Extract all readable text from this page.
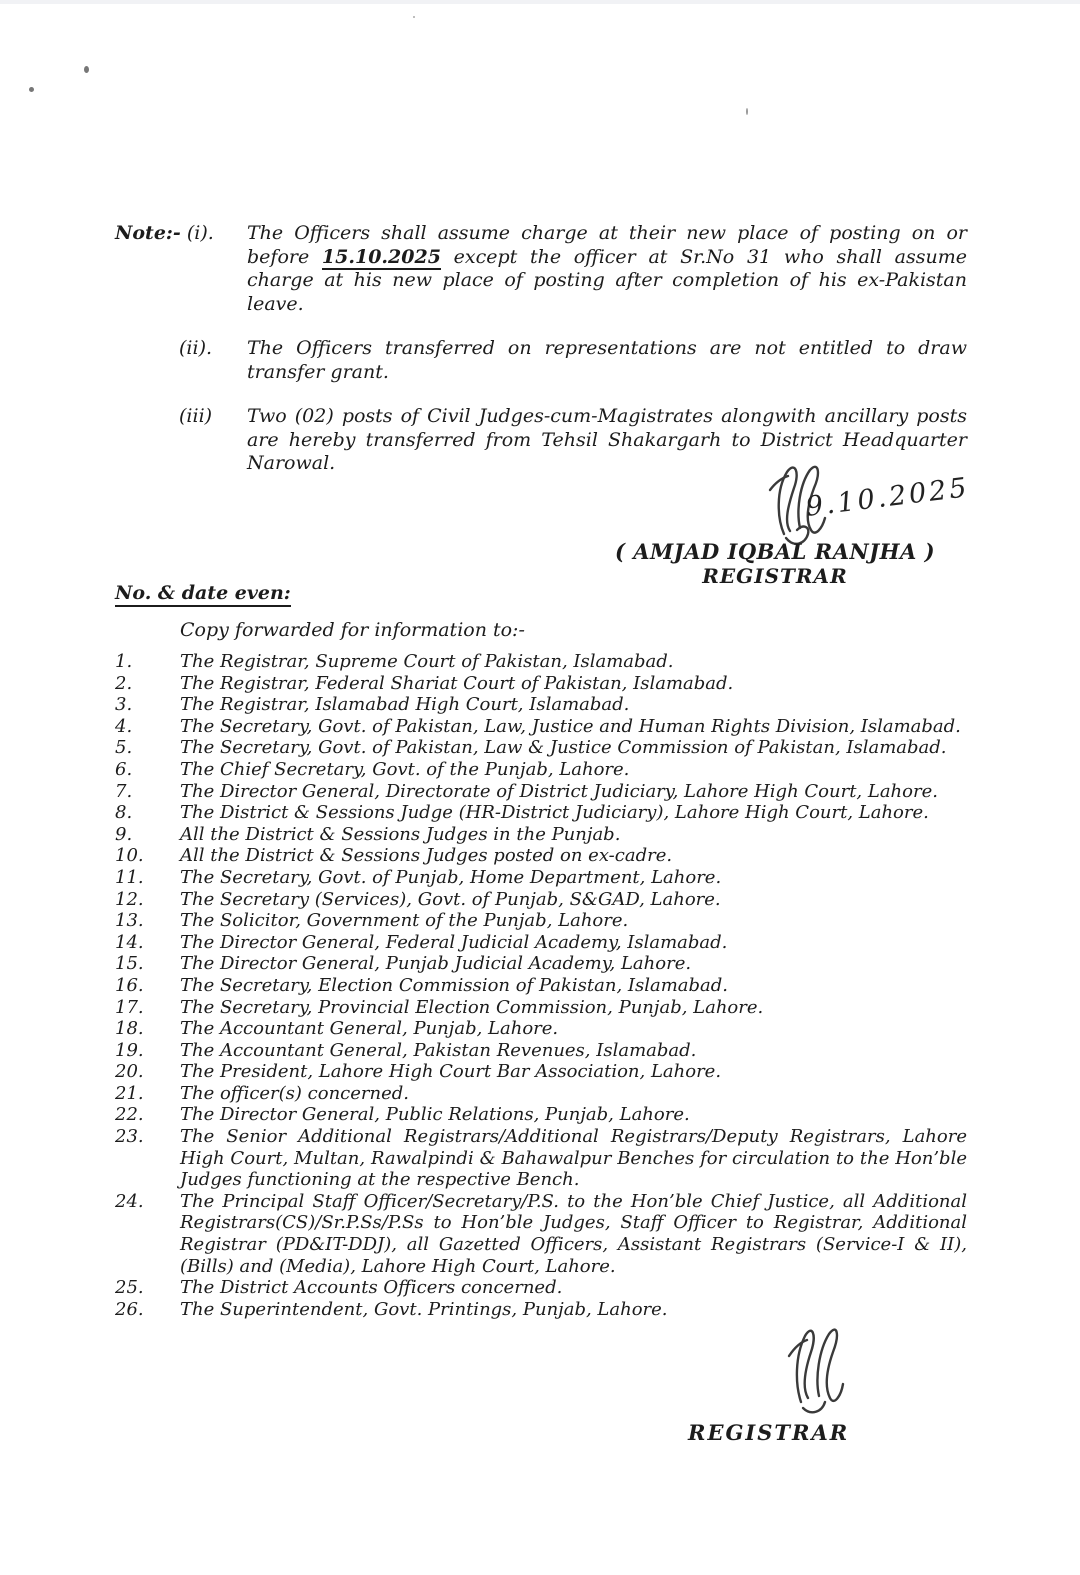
Note:- (i).	The Officers shall assume charge at their new place of posting on or before 15.10.2025 except the officer at Sr.No 31 who shall assume charge at his new place of posting after completion of his ex-Pakistan leave.
(ii).	The Officers transferred on representations are not entitled to draw transfer grant.
(iii)	Two (02) posts of Civil Judges-cum-Magistrates alongwith ancillary posts are hereby transferred from Tehsil Shakargarh to District Headquarter Narowal.
9.10.2025
( AMJAD IQBAL RANJHA )
REGISTRAR
No. & date even:
Copy forwarded for information to:-
1.	The Registrar, Supreme Court of Pakistan, Islamabad.
2.	The Registrar, Federal Shariat Court of Pakistan, Islamabad.
3.	The Registrar, Islamabad High Court, Islamabad.
4.	The Secretary, Govt. of Pakistan, Law, Justice and Human Rights Division, Islamabad.
5.	The Secretary, Govt. of Pakistan, Law & Justice Commission of Pakistan, Islamabad.
6.	The Chief Secretary, Govt. of the Punjab, Lahore.
7.	The Director General, Directorate of District Judiciary, Lahore High Court, Lahore.
8.	The District & Sessions Judge (HR-District Judiciary), Lahore High Court, Lahore.
9.	All the District & Sessions Judges in the Punjab.
10.	All the District & Sessions Judges posted on ex-cadre.
11.	The Secretary, Govt. of Punjab, Home Department, Lahore.
12.	The Secretary (Services), Govt. of Punjab, S&GAD, Lahore.
13.	The Solicitor, Government of the Punjab, Lahore.
14.	The Director General, Federal Judicial Academy, Islamabad.
15.	The Director General, Punjab Judicial Academy, Lahore.
16.	The Secretary, Election Commission of Pakistan, Islamabad.
17.	The Secretary, Provincial Election Commission, Punjab, Lahore.
18.	The Accountant General, Punjab, Lahore.
19.	The Accountant General, Pakistan Revenues, Islamabad.
20.	The President, Lahore High Court Bar Association, Lahore.
21.	The officer(s) concerned.
22.	The Director General, Public Relations, Punjab, Lahore.
23.	The Senior Additional Registrars/Additional Registrars/Deputy Registrars, Lahore High Court, Multan, Rawalpindi & Bahawalpur Benches for circulation to the Hon’ble Judges functioning at the respective Bench.
24.	The Principal Staff Officer/Secretary/P.S. to the Hon’ble Chief Justice, all Additional Registrars(CS)/Sr.P.Ss/P.Ss to Hon’ble Judges, Staff Officer to Registrar, Additional Registrar (PD&IT-DDJ), all Gazetted Officers, Assistant Registrars (Service-I & II), (Bills) and (Media), Lahore High Court, Lahore.
25.	The District Accounts Officers concerned.
26.	The Superintendent, Govt. Printings, Punjab, Lahore.
REGISTRAR
